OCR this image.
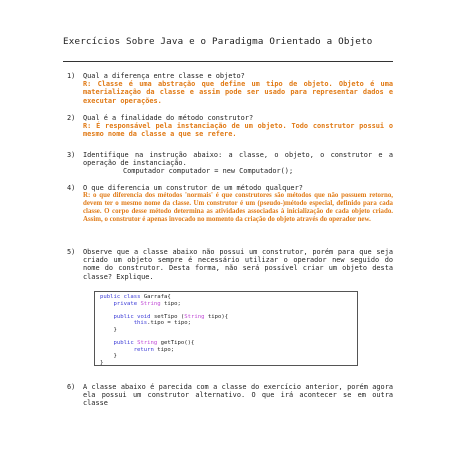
Exercícios Sobre Java e o Paradigma Orientado a Objeto
1) Qual a diferença entre classe e objeto?
R: Classe é uma abstração que define um tipo de objeto. Objeto é uma materialização da classe e assim pode ser usado para representar dados e executar operações.
2) Qual é a finalidade do método construtor?
R: É responsável pela instanciação de um objeto. Todo construtor possui o mesmo nome da classe a que se refere.
3) Identifique na instrução abaixo: a classe, o objeto, o construtor e a operação de instanciação.
Computador computador = new Computador();
4) O que diferencia um construtor de um método qualquer?
R: o que diferencia dos métodos 'normais' é que construtores são métodos que não possuem retorno, devem ter o mesmo nome da classe. Um construtor é um (pseudo-)método especial, definido para cada classe. O corpo desse método determina as atividades associadas à inicialização de cada objeto criado. Assim, o construtor é apenas invocado no momento da criação do objeto através do operador new.
5) Observe que a classe abaixo não possui um construtor, porém para que seja criado um objeto sempre é necessário utilizar o operador new seguido do nome do construtor. Desta forma, não será possível criar um objeto desta classe? Explique.
public class Garrafa{
private String tipo;

public void setTipo (String tipo){
this.tipo = tipo;
}

public String getTipo(){
return tipo;
}
}
6) A classe abaixo é parecida com a classe do exercício anterior, porém agora ela possui um construtor alternativo. O que irá acontecer se em outra classe
